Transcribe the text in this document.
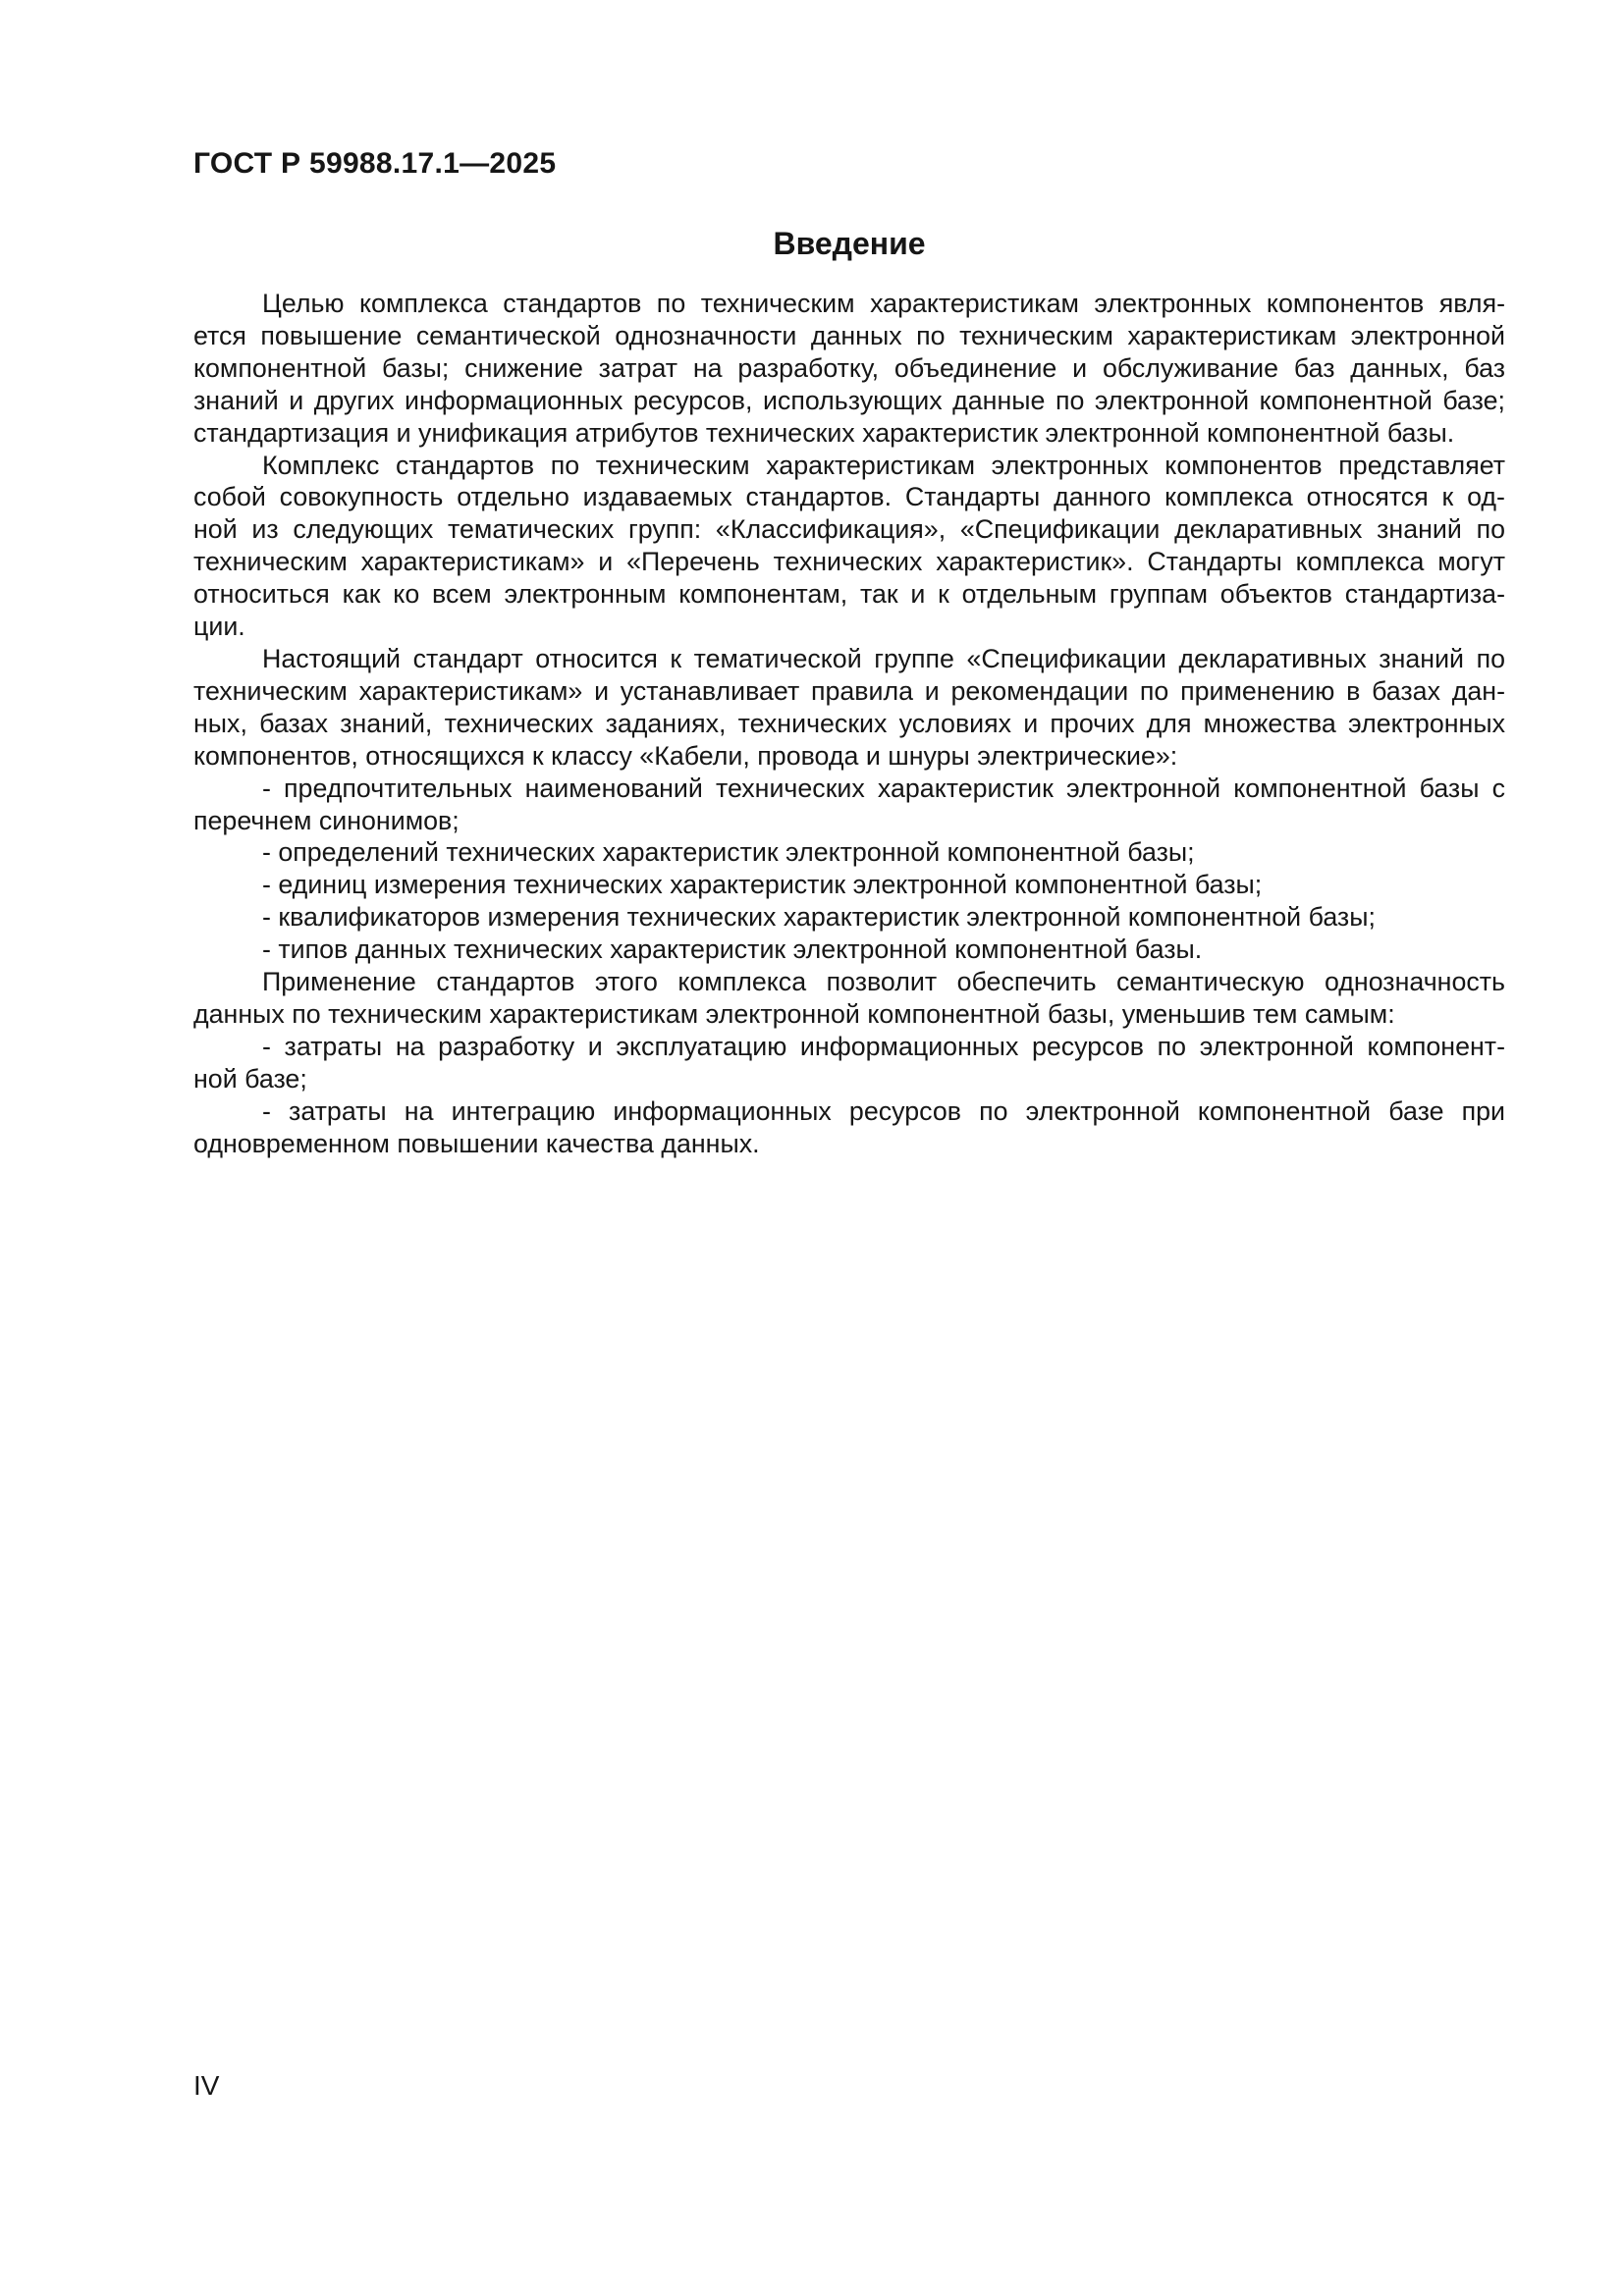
ГОСТ Р 59988.17.1—2025
Введение
Целью комплекса стандартов по техническим характеристикам электронных компонентов явля-
ется повышение семантической однозначности данных по техническим характеристикам электронной
компонентной базы; снижение затрат на разработку, объединение и обслуживание баз данных, баз
знаний и других информационных ресурсов, использующих данные по электронной компонентной базе;
стандартизация и унификация атрибутов технических характеристик электронной компонентной базы.
Комплекс стандартов по техническим характеристикам электронных компонентов представляет
собой совокупность отдельно издаваемых стандартов. Стандарты данного комплекса относятся к од-
ной из следующих тематических групп: «Классификация», «Спецификации декларативных знаний по
техническим характеристикам» и «Перечень технических характеристик». Стандарты комплекса могут
относиться как ко всем электронным компонентам, так и к отдельным группам объектов стандартиза-
ции.
Настоящий стандарт относится к тематической группе «Спецификации декларативных знаний по
техническим характеристикам» и устанавливает правила и рекомендации по применению в базах дан-
ных, базах знаний, технических заданиях, технических условиях и прочих для множества электронных
компонентов, относящихся к классу «Кабели, провода и шнуры электрические»:
- предпочтительных наименований технических характеристик электронной компонентной базы с
перечнем синонимов;
- определений технических характеристик электронной компонентной базы;
- единиц измерения технических характеристик электронной компонентной базы;
- квалификаторов измерения технических характеристик электронной компонентной базы;
- типов данных технических характеристик электронной компонентной базы.
Применение стандартов этого комплекса позволит обеспечить семантическую однозначность
данных по техническим характеристикам электронной компонентной базы, уменьшив тем самым:
- затраты на разработку и эксплуатацию информационных ресурсов по электронной компонент-
ной базе;
- затраты на интеграцию информационных ресурсов по электронной компонентной базе при
одновременном повышении качества данных.
IV
